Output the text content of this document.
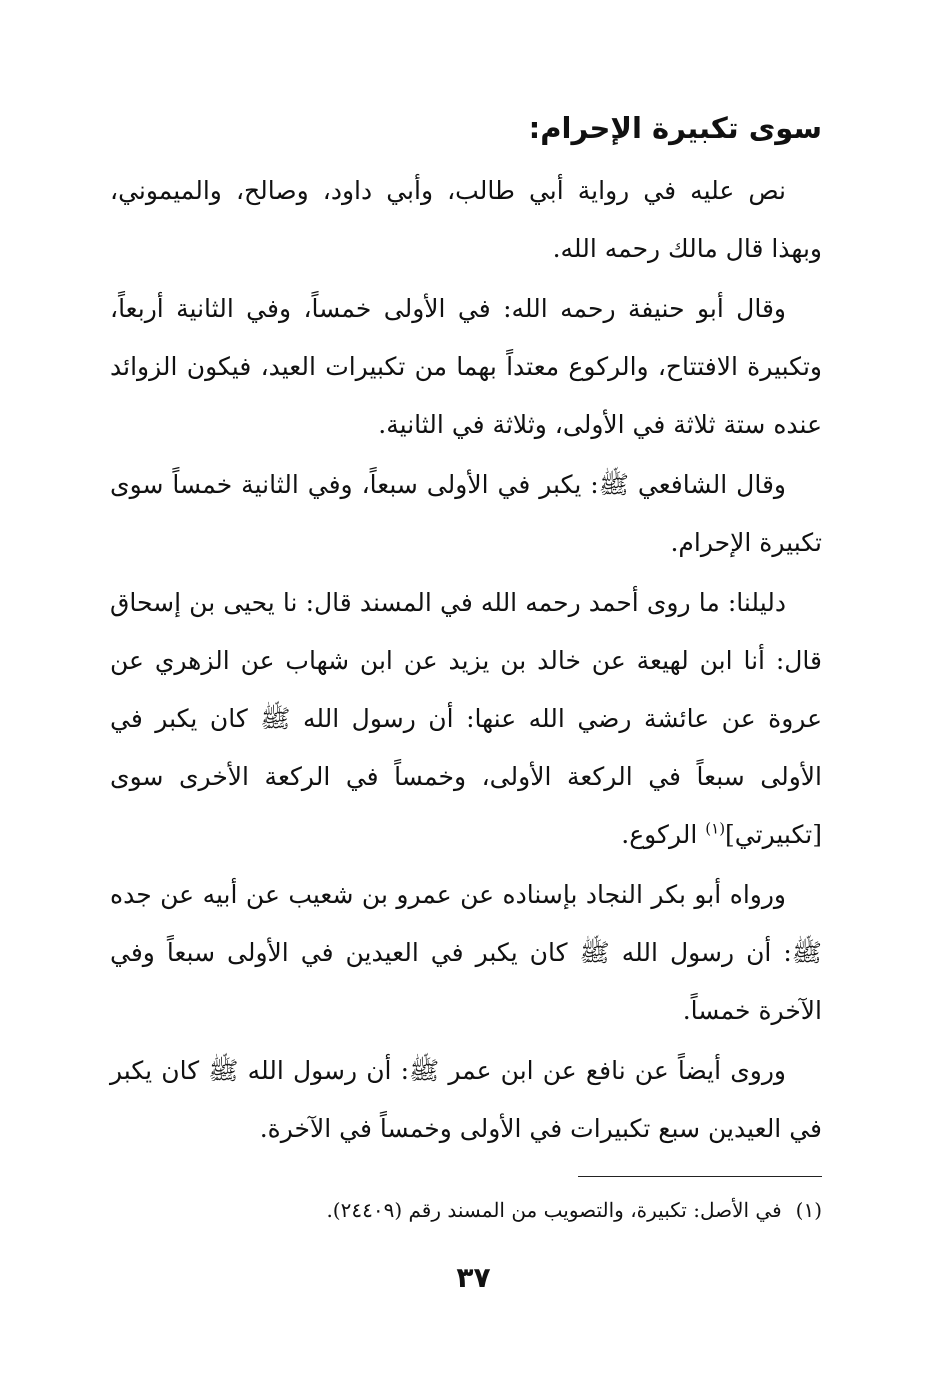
سوى تكبيرة الإحرام:

نص عليه في رواية أبي طالب، وأبي داود، وصالح، والميموني، وبهذا قال مالك رحمه الله.

وقال أبو حنيفة رحمه الله: في الأولى خمساً، وفي الثانية أربعاً، وتكبيرة الافتتاح، والركوع معتداً بهما من تكبيرات العيد، فيكون الزوائد عنده ستة ثلاثة في الأولى، وثلاثة في الثانية.

وقال الشافعي ﷺ: يكبر في الأولى سبعاً، وفي الثانية خمساً سوى تكبيرة الإحرام.

دليلنا: ما روى أحمد رحمه الله في المسند قال: نا يحيى بن إسحاق قال: أنا ابن لهيعة عن خالد بن يزيد عن ابن شهاب عن الزهري عن عروة عن عائشة رضي الله عنها: أن رسول الله ﷺ كان يكبر في الأولى سبعاً في الركعة الأولى، وخمساً في الركعة الأخرى سوى [تكبيرتي]$^{(١)}$ الركوع.

ورواه أبو بكر النجاد بإسناده عن عمرو بن شعيب عن أبيه عن جده ﷺ: أن رسول الله ﷺ كان يكبر في العيدين في الأولى سبعاً وفي الآخرة خمساً.

وروى أيضاً عن نافع عن ابن عمر ﷺ: أن رسول الله ﷺ كان يكبر في العيدين سبع تكبيرات في الأولى وخمساً في الآخرة.

(١)في الأصل: تكبيرة، والتصويب من المسند رقم (٢٤٤٠٩).
٣٧
